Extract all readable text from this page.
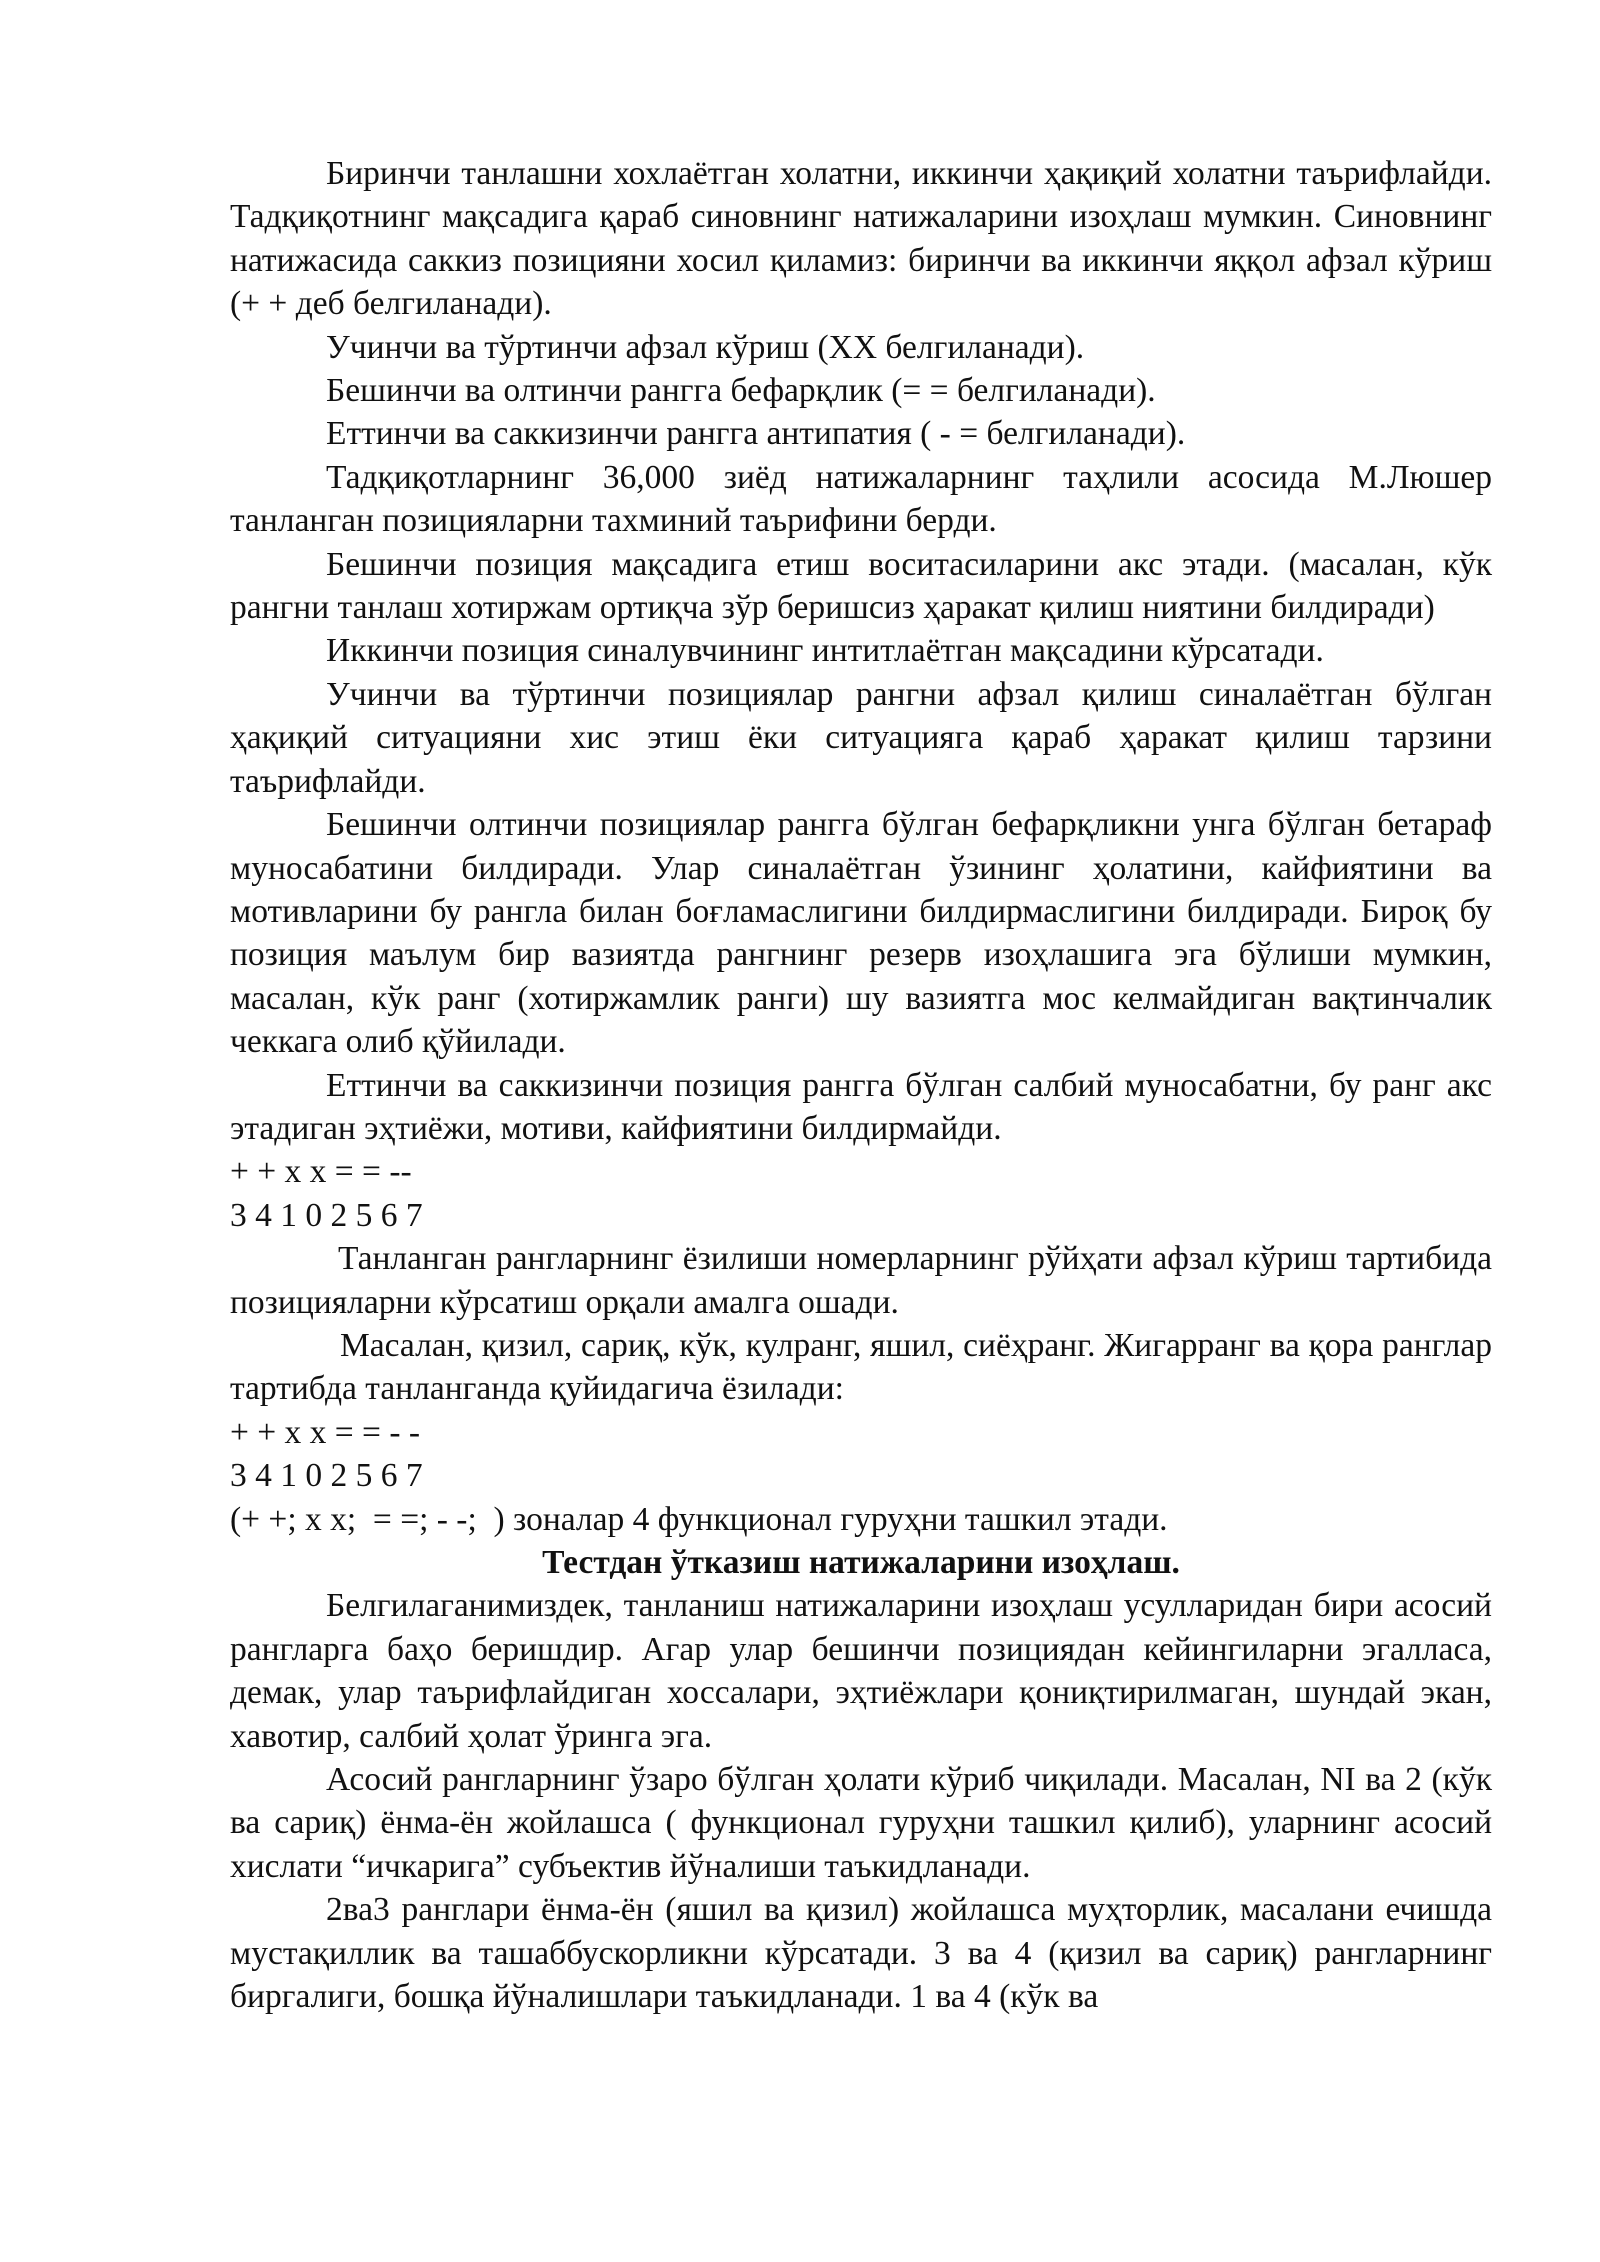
Биринчи танлашни хохлаётган холатни, иккинчи ҳақиқий холатни таърифлайди. Тадқиқотнинг мақсадига қараб синовнинг натижаларини изоҳлаш мумкин. Синовнинг натижасида саккиз позицияни хосил қиламиз: биринчи ва иккинчи яққол афзал кўриш (+ + деб белгиланади).

Учинчи ва тўртинчи афзал кўриш (ХХ белгиланади).

Бешинчи ва олтинчи рангга бефарқлик (= = белгиланади).

Еттинчи ва саккизинчи рангга антипатия ( - = белгиланади).

Тадқиқотларнинг 36,000 зиёд натижаларнинг таҳлили асосида М.Люшер танланган позицияларни тахминий таърифини берди.

Бешинчи позиция мақсадига етиш воситасиларини акс этади. (масалан, кўк рангни танлаш хотиржам ортиқча зўр беришсиз ҳаракат қилиш ниятини билдиради)

Иккинчи позиция синалувчининг интитлаётган мақсадини кўрсатади.

Учинчи ва тўртинчи позициялар рангни афзал қилиш синалаётган бўлган ҳақиқий ситуацияни хис этиш ёки ситуацияга қараб ҳаракат қилиш тарзини таърифлайди.

Бешинчи олтинчи позициялар рангга бўлган бефарқликни унга бўлган бетараф муносабатини билдиради. Улар синалаётган ўзининг ҳолатини, кайфиятини ва мотивларини бу рангла билан боғламаслигини билдирмаслигини билдиради. Бироқ бу позиция маълум бир вазиятда рангнинг резерв изоҳлашига эга бўлиши мумкин, масалан, кўк ранг (хотиржамлик ранги) шу вазиятга мос келмайдиган вақтинчалик чеккага олиб қўйилади.

Еттинчи ва саккизинчи позиция рангга бўлган салбий муносабатни, бу ранг акс этадиган эҳтиёжи, мотиви, кайфиятини билдирмайди.

+ + х х = = --

3 4 1 0 2 5 6 7

Танланган рангларнинг ёзилиши номерларнинг рўйҳати афзал кўриш тартибида позицияларни кўрсатиш орқали амалга ошади.

Масалан, қизил, сариқ, кўк, кулранг, яшил, сиёҳранг. Жигарранг ва қора ранглар тартибда танланганда қуйидагича ёзилади:

+ + х х = = - -

3 4 1 0 2 5 6 7

(+ +; х х;  = =; - -;  ) зоналар 4 функционал гуруҳни ташкил этади.

Тестдан ўтказиш натижаларини изоҳлаш.

Белгилаганимиздек, танланиш натижаларини изоҳлаш усулларидан бири асосий рангларга баҳо беришдир. Агар улар бешинчи позициядан кейингиларни эгалласа, демак, улар таърифлайдиган хоссалари, эҳтиёжлари қониқтирилмаган, шундай экан, хавотир, салбий ҳолат ўринга эга.

Асосий рангларнинг ўзаро бўлган ҳолати кўриб чиқилади. Масалан, NI ва 2 (кўк ва сариқ) ёнма-ён жойлашса ( функционал гуруҳни ташкил қилиб), уларнинг асосий хислати “ичкарига” субъектив йўналиши таъкидланади.

2ва3 ранглари ёнма-ён (яшил ва қизил) жойлашса муҳторлик, масалани ечишда мустақиллик ва ташаббускорликни кўрсатади. 3 ва 4 (қизил ва сариқ) рангларнинг биргалиги, бошқа йўналишлари таъкидланади. 1 ва 4 (кўк ва
